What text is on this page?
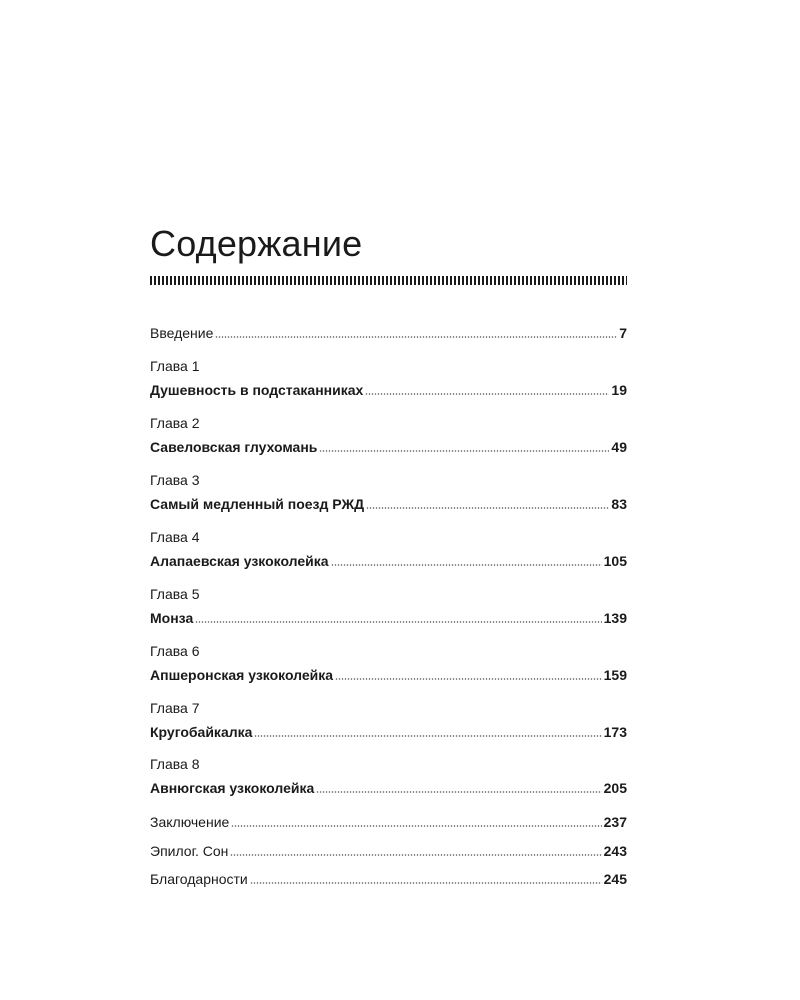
Содержание
Введение	7
Глава 1
Душевность в подстаканниках	19
Глава 2
Савеловская глухомань	49
Глава 3
Самый медленный поезд РЖД	83
Глава 4
Алапаевская узкоколейка	105
Глава 5
Монза	139
Глава 6
Апшеронская узкоколейка	159
Глава 7
Кругобайкалка	173
Глава 8
Авнюгская узкоколейка	205
Заключение	237
Эпилог. Сон	243
Благодарности	245
